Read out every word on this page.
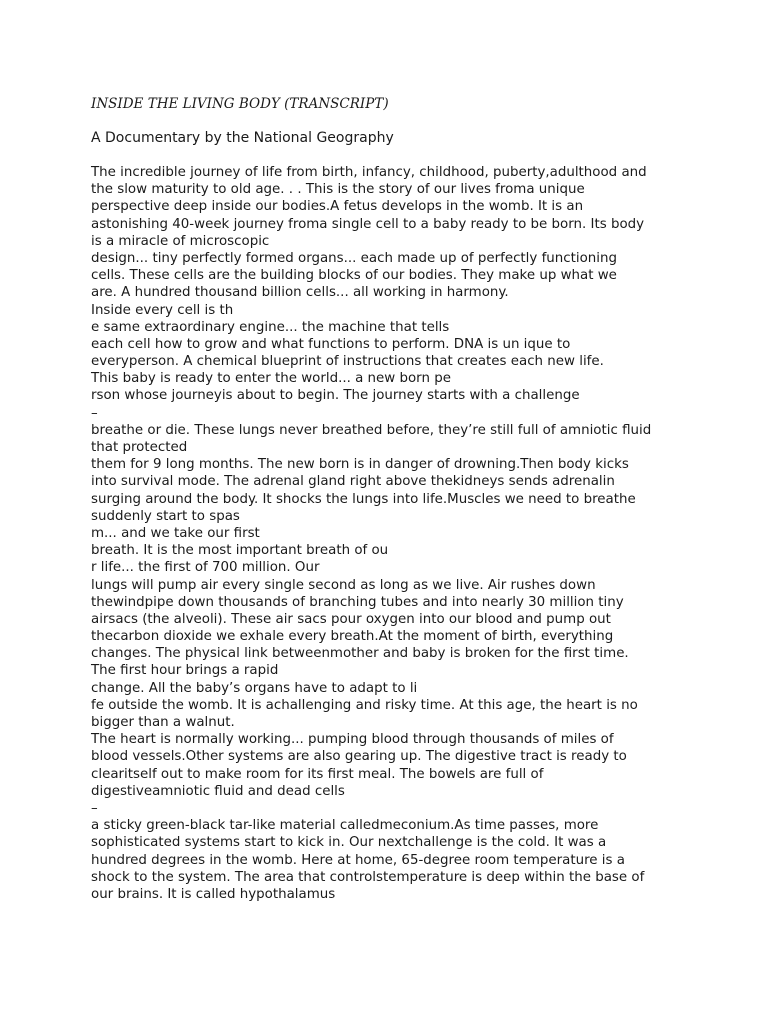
INSIDE THE LIVING BODY (TRANSCRIPT)
A Documentary by the National Geography
The incredible journey of life from birth, infancy, childhood, puberty,adulthood and
the slow maturity to old age. . . This is the story of our lives froma unique
perspective deep inside our bodies.A fetus develops in the womb. It is an
astonishing 40-week journey froma single cell to a baby ready to be born. Its body
is a miracle of microscopic
design... tiny perfectly formed organs... each made up of perfectly functioning
cells. These cells are the building blocks of our bodies. They make up what we
are. A hundred thousand billion cells... all working in harmony.
Inside every cell is th
e same extraordinary engine... the machine that tells
each cell how to grow and what functions to perform. DNA is un ique to
everyperson. A chemical blueprint of instructions that creates each new life.
This baby is ready to enter the world... a new born pe
rson whose journeyis about to begin. The journey starts with a challenge
–
breathe or die. These lungs never breathed before, they’re still full of amniotic fluid
that protected
them for 9 long months. The new born is in danger of drowning.Then body kicks
into survival mode. The adrenal gland right above thekidneys sends adrenalin
surging around the body. It shocks the lungs into life.Muscles we need to breathe
suddenly start to spas
m... and we take our first
breath. It is the most important breath of ou
r life... the first of 700 million. Our
lungs will pump air every single second as long as we live. Air rushes down
thewindpipe down thousands of branching tubes and into nearly 30 million tiny
airsacs (the alveoli). These air sacs pour oxygen into our blood and pump out
thecarbon dioxide we exhale every breath.At the moment of birth, everything
changes. The physical link betweenmother and baby is broken for the first time.
The first hour brings a rapid
change. All the baby’s organs have to adapt to li
fe outside the womb. It is achallenging and risky time. At this age, the heart is no
bigger than a walnut.
The heart is normally working... pumping blood through thousands of miles of
blood vessels.Other systems are also gearing up. The digestive tract is ready to
clearitself out to make room for its first meal. The bowels are full of
digestiveamniotic fluid and dead cells
–
a sticky green-black tar-like material calledmeconium.As time passes, more
sophisticated systems start to kick in. Our nextchallenge is the cold. It was a
hundred degrees in the womb. Here at home, 65-degree room temperature is a
shock to the system. The area that controlstemperature is deep within the base of
our brains. It is called hypothalamus
